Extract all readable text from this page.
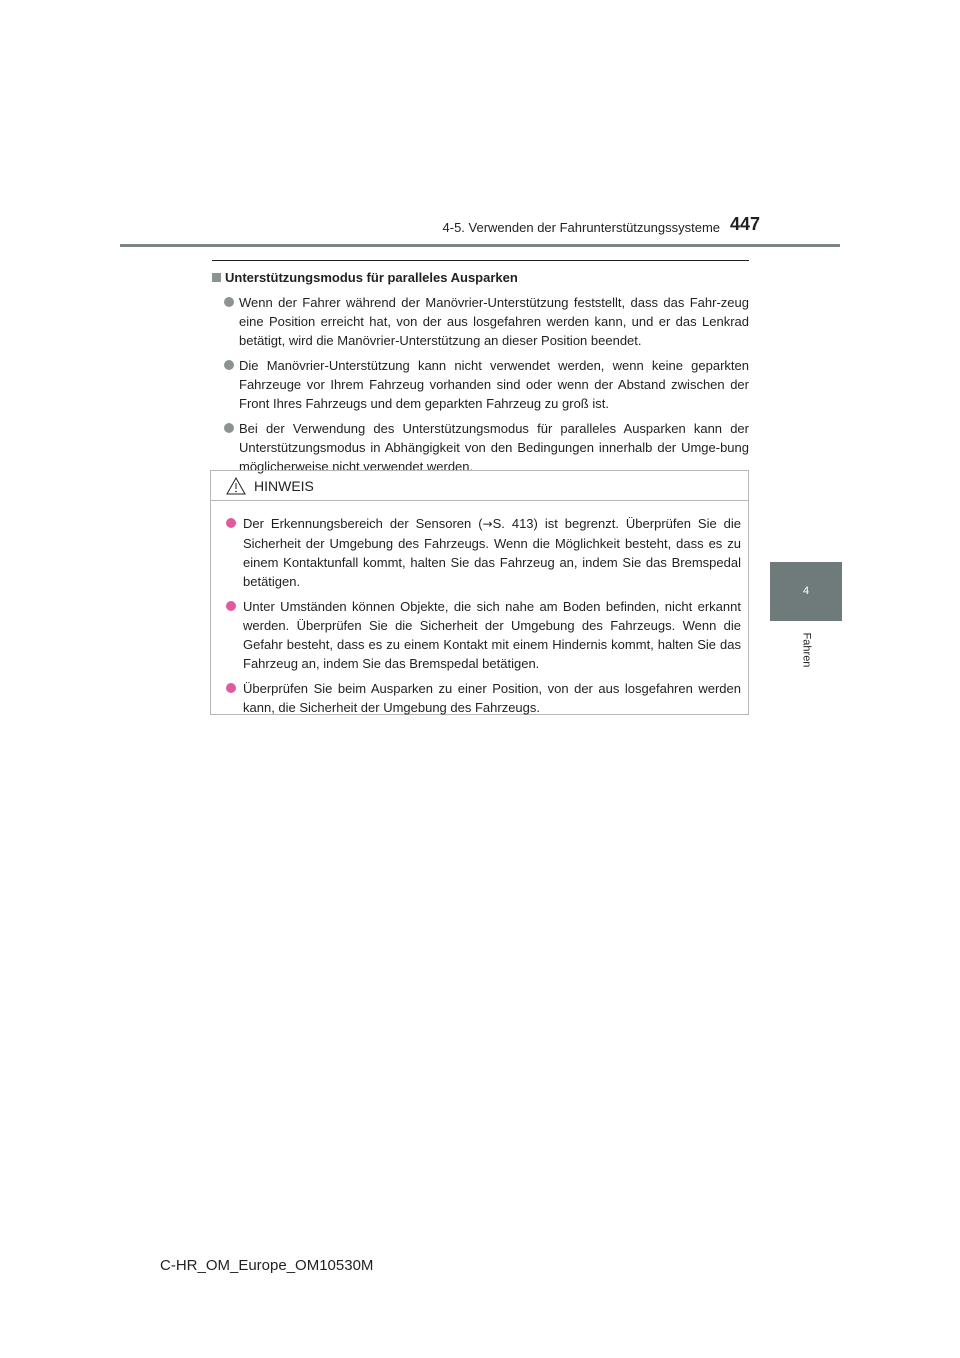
4-5. Verwenden der Fahrunterstützungssysteme 447
4
Fahren
Unterstützungsmodus für paralleles Ausparken
Wenn der Fahrer während der Manövrier-Unterstützung feststellt, dass das Fahr-zeug eine Position erreicht hat, von der aus losgefahren werden kann, und er das Lenkrad betätigt, wird die Manövrier-Unterstützung an dieser Position beendet.
Die Manövrier-Unterstützung kann nicht verwendet werden, wenn keine geparkten Fahrzeuge vor Ihrem Fahrzeug vorhanden sind oder wenn der Abstand zwischen der Front Ihres Fahrzeugs und dem geparkten Fahrzeug zu groß ist.
Bei der Verwendung des Unterstützungsmodus für paralleles Ausparken kann der Unterstützungsmodus in Abhängigkeit von den Bedingungen innerhalb der Umge-bung möglicherweise nicht verwendet werden.
HINWEIS
Der Erkennungsbereich der Sensoren (→S. 413) ist begrenzt. Überprüfen Sie die Sicherheit der Umgebung des Fahrzeugs. Wenn die Möglichkeit besteht, dass es zu einem Kontaktunfall kommt, halten Sie das Fahrzeug an, indem Sie das Bremspedal betätigen.
Unter Umständen können Objekte, die sich nahe am Boden befinden, nicht erkannt werden. Überprüfen Sie die Sicherheit der Umgebung des Fahrzeugs. Wenn die Gefahr besteht, dass es zu einem Kontakt mit einem Hindernis kommt, halten Sie das Fahrzeug an, indem Sie das Bremspedal betätigen.
Überprüfen Sie beim Ausparken zu einer Position, von der aus losgefahren werden kann, die Sicherheit der Umgebung des Fahrzeugs.
C-HR_OM_Europe_OM10530M
